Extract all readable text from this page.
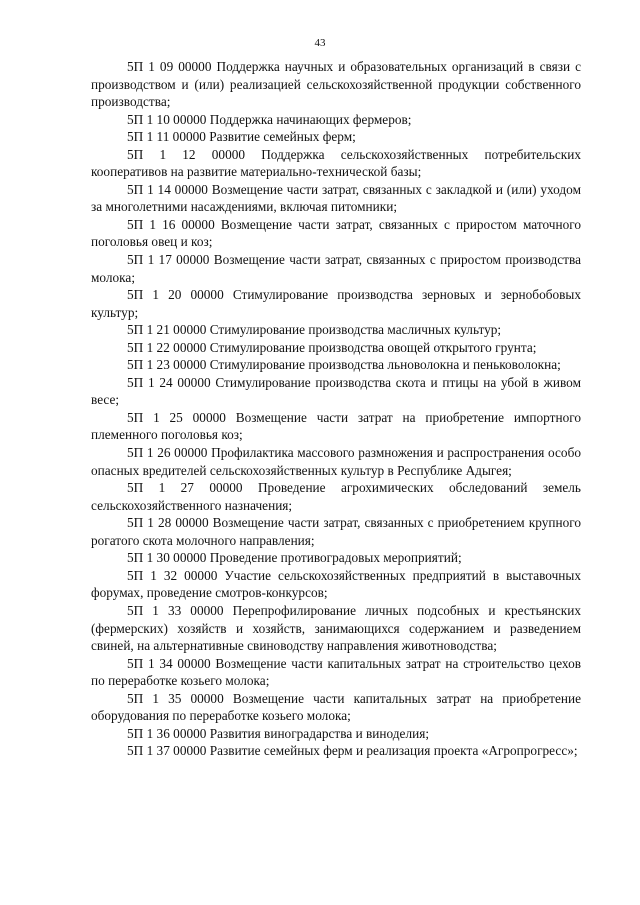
43

5П 1 09 00000 Поддержка научных и образовательных организаций в связи с производством и (или) реализацией сельскохозяйственной продукции собственного производства;

5П 1 10 00000 Поддержка начинающих фермеров;

5П 1 11 00000 Развитие семейных ферм;

5П 1 12 00000 Поддержка сельскохозяйственных потребительских кооперативов на развитие материально-технической базы;

5П 1 14 00000 Возмещение части затрат, связанных с закладкой и (или) уходом за многолетними насаждениями, включая питомники;

5П 1 16 00000 Возмещение части затрат, связанных с приростом маточного поголовья овец и коз;

5П 1 17 00000 Возмещение части затрат, связанных с приростом производства молока;

5П 1 20 00000 Стимулирование производства зерновых и зернобобовых культур;

5П 1 21 00000 Стимулирование производства масличных культур;

5П 1 22 00000 Стимулирование производства овощей открытого грунта;

5П 1 23 00000 Стимулирование производства льноволокна и пеньковолокна;

5П 1 24 00000 Стимулирование производства скота и птицы на убой в живом весе;

5П 1 25 00000 Возмещение части затрат на приобретение импортного племенного поголовья коз;

5П 1 26 00000 Профилактика массового размножения и распространения особо опасных вредителей сельскохозяйственных культур в Республике Адыгея;

5П 1 27 00000 Проведение агрохимических обследований земель сельскохозяйственного назначения;

5П 1 28 00000 Возмещение части затрат, связанных с приобретением крупного рогатого скота молочного направления;

5П 1 30 00000 Проведение противоградовых мероприятий;

5П 1 32 00000 Участие сельскохозяйственных предприятий в выставочных форумах, проведение смотров-конкурсов;

5П 1 33 00000 Перепрофилирование личных подсобных и крестьянских (фермерских) хозяйств и хозяйств, занимающихся содержанием и разведением свиней, на альтернативные свиноводству направления животноводства;

5П 1 34 00000 Возмещение части капитальных затрат на строительство цехов по переработке козьего молока;

5П 1 35 00000 Возмещение части капитальных затрат на приобретение оборудования по переработке козьего молока;

5П 1 36 00000 Развития виноградарства и виноделия;

5П 1 37 00000 Развитие семейных ферм и реализация проекта «Агропрогресс»;
